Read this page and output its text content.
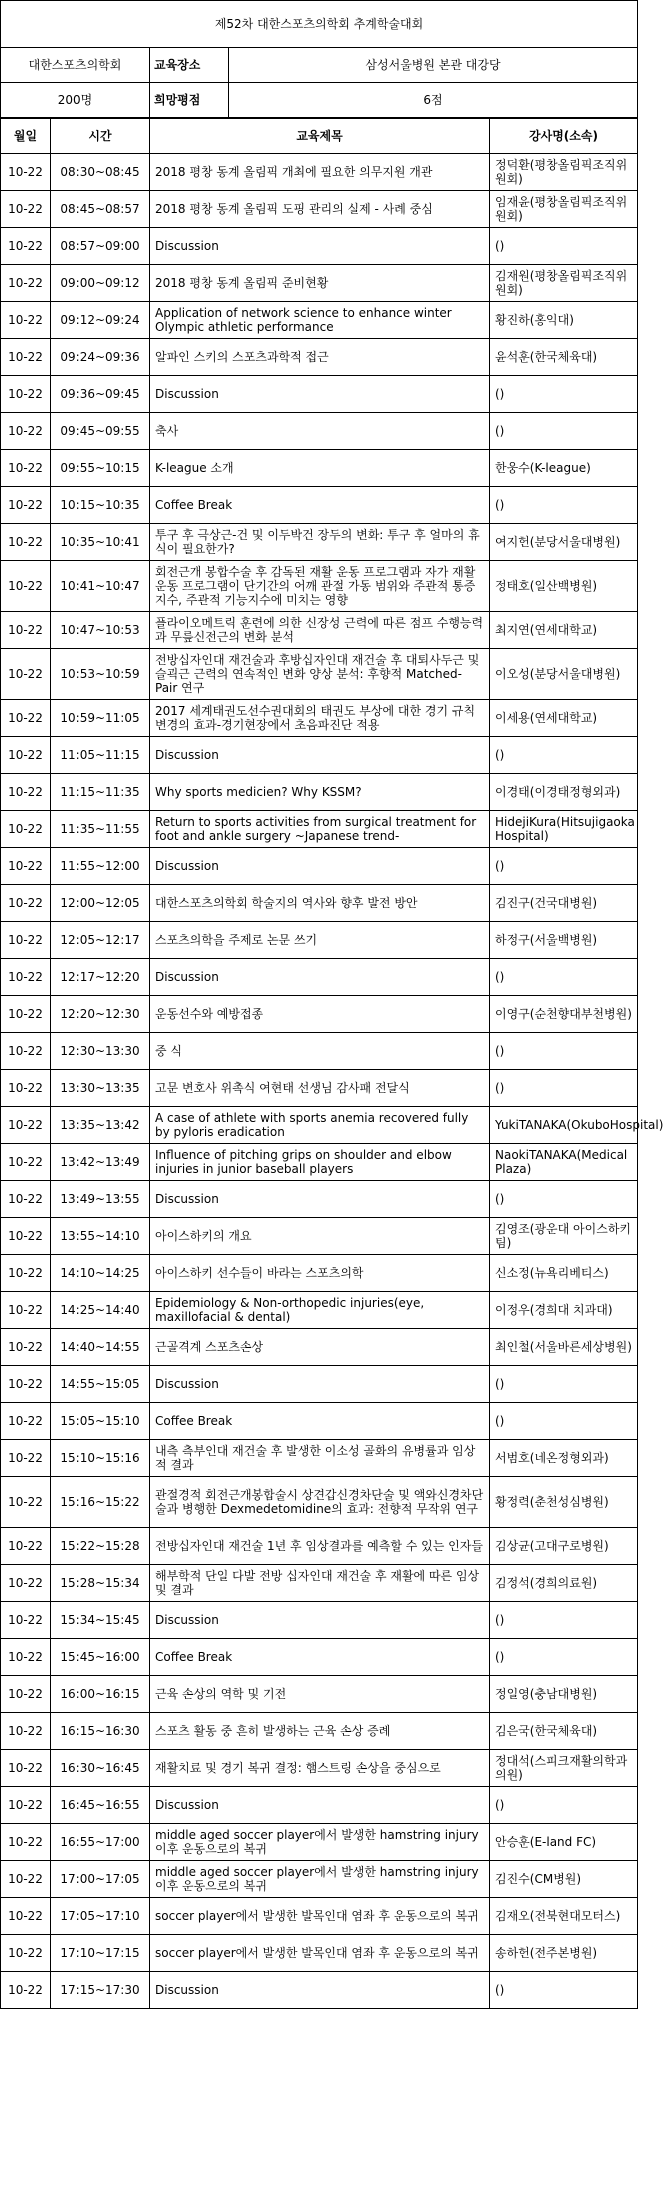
제52차 대한스포츠의학회 추계학술대회		
대한스포츠의학회	교육장소	삼성서울병원 본관 대강당
200명	희망평점	6점
월일	시간	교육제목	강사명(소속)
10-22	08:30~08:45	2018 평창 동계 올림픽 개최에 필요한 의무지원 개관	정덕환(평창올림픽조직위원회)
10-22	08:45~08:57	2018 평창 동계 올림픽 도핑 관리의 실제 - 사례 중심	임재윤(평창올림픽조직위원회)
10-22	08:57~09:00	Discussion	()
10-22	09:00~09:12	2018 평창 동계 올림픽 준비현황	김재원(평창올림픽조직위원회)
10-22	09:12~09:24	Application of network science to enhance winter Olympic athletic performance	황진하(홍익대)
10-22	09:24~09:36	알파인 스키의 스포츠과학적 접근	윤석훈(한국체육대)
10-22	09:36~09:45	Discussion	()
10-22	09:45~09:55	축사	()
10-22	09:55~10:15	K-league 소개	한웅수(K-league)
10-22	10:15~10:35	Coffee Break	()
10-22	10:35~10:41	투구 후 극상근-건 및 이두박건 장두의 변화: 투구 후 얼마의 휴식이 필요한가?	여지헌(분당서울대병원)
10-22	10:41~10:47	회전근개 봉합수술 후 감독된 재활 운동 프로그램과 자가 재활 운동 프로그램이 단기간의 어깨 관절 가동 범위와 주관적 통증 지수, 주관적 기능지수에 미치는 영향	정태호(일산백병원)
10-22	10:47~10:53	플라이오메트릭 훈련에 의한 신장성 근력에 따른 점프 수행능력과 무릎신전근의 변화 분석	최지연(연세대학교)
10-22	10:53~10:59	전방십자인대 재건술과 후방십자인대 재건술 후 대퇴사두근 및 슬괵근 근력의 연속적인 변화 양상 분석: 후향적 Matched-Pair 연구	이오성(분당서울대병원)
10-22	10:59~11:05	2017 세계태권도선수권대회의 태권도 부상에 대한 경기 규칙 변경의 효과-경기현장에서 초음파진단 적용	이세용(연세대학교)
10-22	11:05~11:15	Discussion	()
10-22	11:15~11:35	Why sports medicien? Why KSSM?	이경태(이경태정형외과)
10-22	11:35~11:55	Return to sports activities from surgical treatment for foot and ankle surgery ~Japanese trend-	HidejiKura(Hitsujigaoka Hospital)
10-22	11:55~12:00	Discussion	()
10-22	12:00~12:05	대한스포츠의학회 학술지의 역사와 향후 발전 방안	김진구(건국대병원)
10-22	12:05~12:17	스포츠의학을 주제로 논문 쓰기	하정구(서울백병원)
10-22	12:17~12:20	Discussion	()
10-22	12:20~12:30	운동선수와 예방접종	이영구(순천향대부천병원)
10-22	12:30~13:30	중 식	()
10-22	13:30~13:35	고문 변호사 위촉식 여현태 선생님 감사패 전달식	()
10-22	13:35~13:42	A case of athlete with sports anemia recovered fully by pyloris eradication	YukiTANAKA(OkuboHospital)
10-22	13:42~13:49	Influence of pitching grips on shoulder and elbow injuries in junior baseball players	NaokiTANAKA(Medical Plaza)
10-22	13:49~13:55	Discussion	()
10-22	13:55~14:10	아이스하키의 개요	김영조(광운대 아이스하키팀)
10-22	14:10~14:25	아이스하키 선수들이 바라는 스포츠의학	신소정(뉴욕리베티스)
10-22	14:25~14:40	Epidemiology & Non-orthopedic injuries(eye, maxillofacial & dental)	이정우(경희대 치과대)
10-22	14:40~14:55	근골격계 스포츠손상	최인철(서울바른세상병원)
10-22	14:55~15:05	Discussion	()
10-22	15:05~15:10	Coffee Break	()
10-22	15:10~15:16	내측 측부인대 재건술 후 발생한 이소성 골화의 유병률과 임상적 결과	서범호(네온정형외과)
10-22	15:16~15:22	관절경적 회전근개봉합술시 상견갑신경차단술 및 액와신경차단술과 병행한 Dexmedetomidine의 효과: 전향적 무작위 연구	황정력(춘천성심병원)
10-22	15:22~15:28	전방십자인대 재건술 1년 후 임상결과를 예측할 수 있는 인자들	김상균(고대구로병원)
10-22	15:28~15:34	해부학적 단일 다발 전방 십자인대 재건술 후 재활에 따른 임상 및 결과	김정석(경희의료원)
10-22	15:34~15:45	Discussion	()
10-22	15:45~16:00	Coffee Break	()
10-22	16:00~16:15	근육 손상의 역학 및 기전	정일영(충남대병원)
10-22	16:15~16:30	스포츠 활동 중 흔히 발생하는 근육 손상 증례	김은국(한국체육대)
10-22	16:30~16:45	재활치료 및 경기 복귀 결정: 햄스트링 손상을 중심으로	정대석(스피크재활의학과의원)
10-22	16:45~16:55	Discussion	()
10-22	16:55~17:00	middle aged soccer player에서 발생한 hamstring injury이후 운동으로의 복귀	안승훈(E-land FC)
10-22	17:00~17:05	middle aged soccer player에서 발생한 hamstring injury이후 운동으로의 복귀	김진수(CM병원)
10-22	17:05~17:10	soccer player에서 발생한 발목인대 염좌 후 운동으로의 복귀	김재오(전북현대모터스)
10-22	17:10~17:15	soccer player에서 발생한 발목인대 염좌 후 운동으로의 복귀	송하헌(전주본병원)
10-22	17:15~17:30	Discussion	()
